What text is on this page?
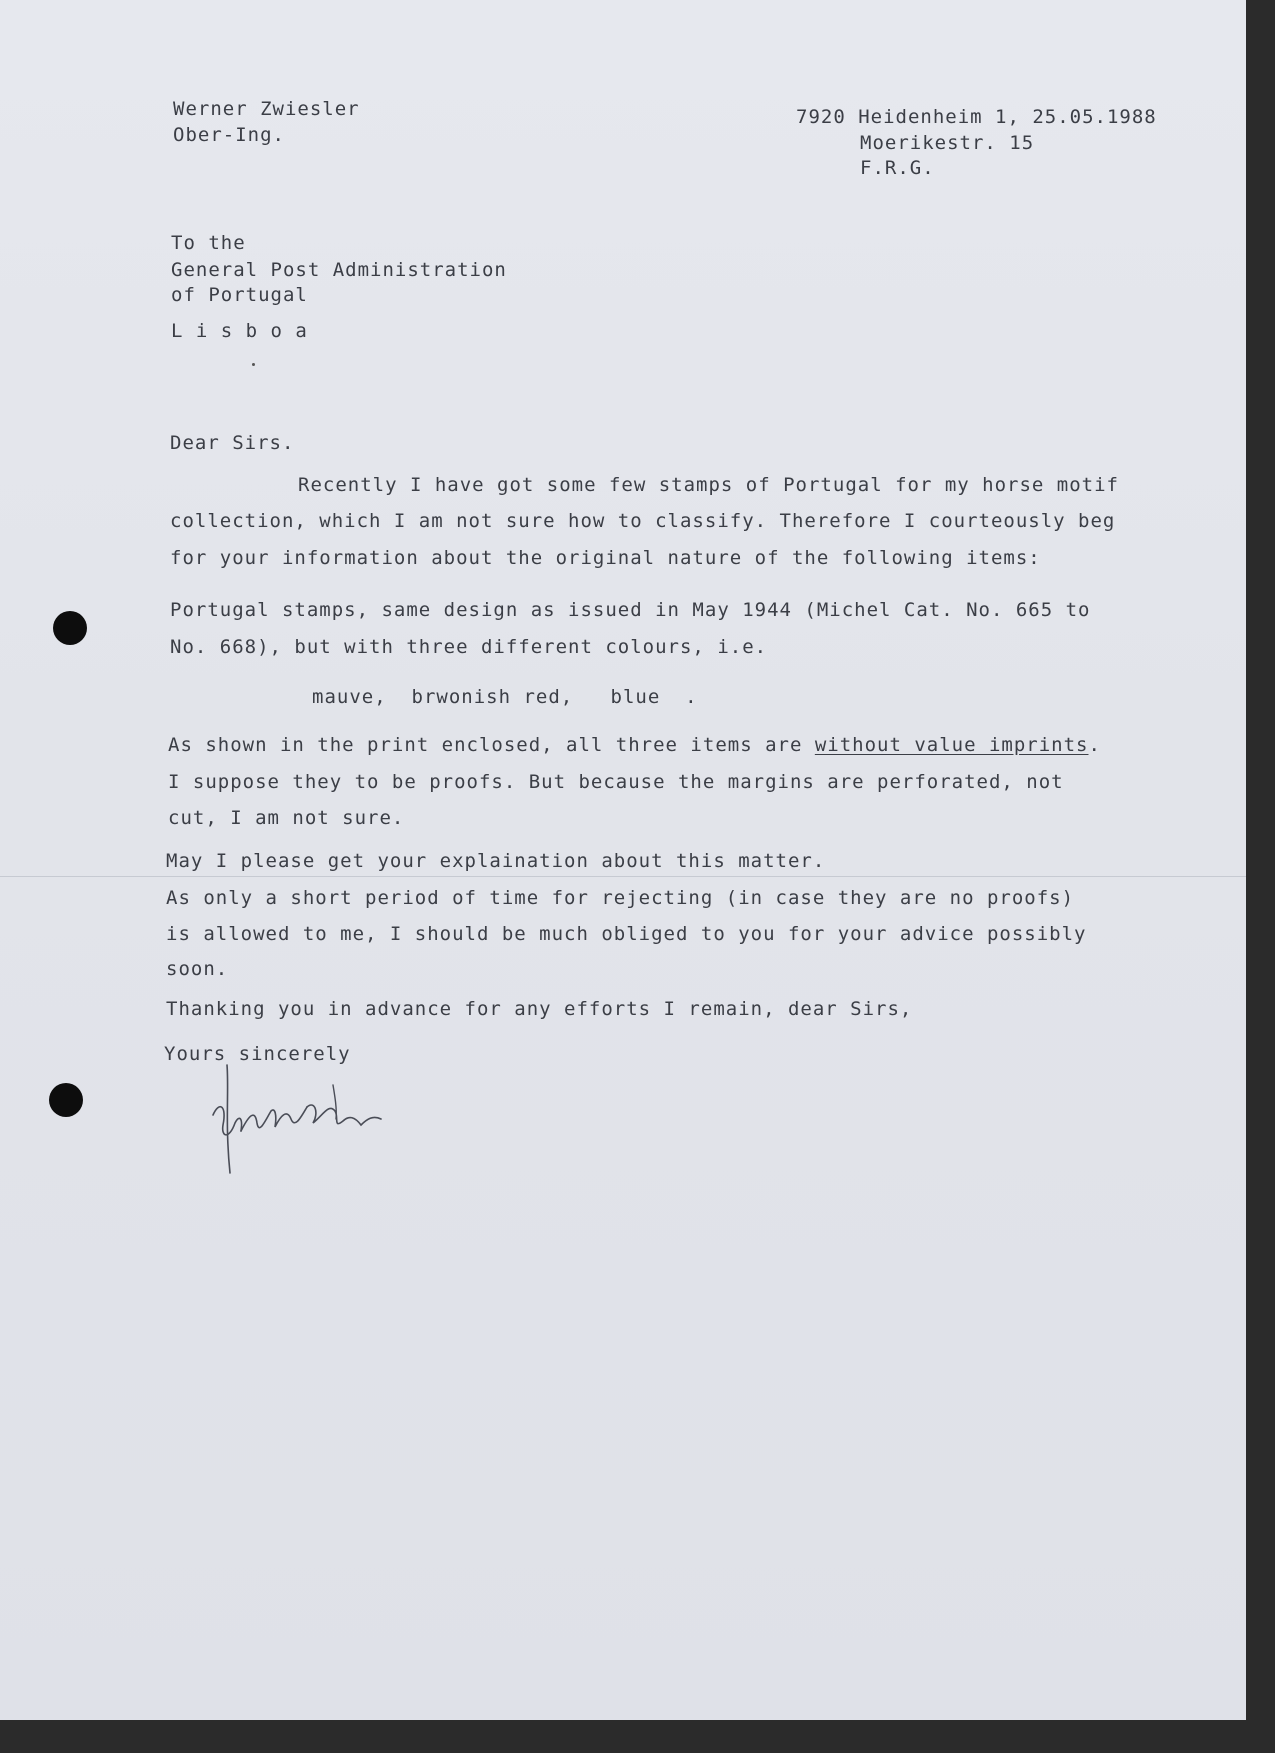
Werner Zwiesler

Ober-Ing.

7920 Heidenheim 1, 25.05.1988

Moerikestr. 15

F.R.G.

To the

General Post Administration

of Portugal

L i s b o a

Dear Sirs.

Recently I have got some few stamps of Portugal for my horse motif

collection, which I am not sure how to classify. Therefore I courteously beg

for your information about the original nature of the following items:

Portugal stamps, same design as issued in May 1944 (Michel Cat. No. 665 to

No. 668), but with three different colours, i.e.

mauve,  brwonish red,   blue  .

As shown in the print enclosed, all three items are without value imprints.

I suppose they to be proofs. But because the margins are perforated, not

cut, I am not sure.

May I please get your explaination about this matter.

As only a short period of time for rejecting (in case they are no proofs)

is allowed to me, I should be much obliged to you for your advice possibly

soon.

Thanking you in advance for any efforts I remain, dear Sirs,

Yours sincerely
